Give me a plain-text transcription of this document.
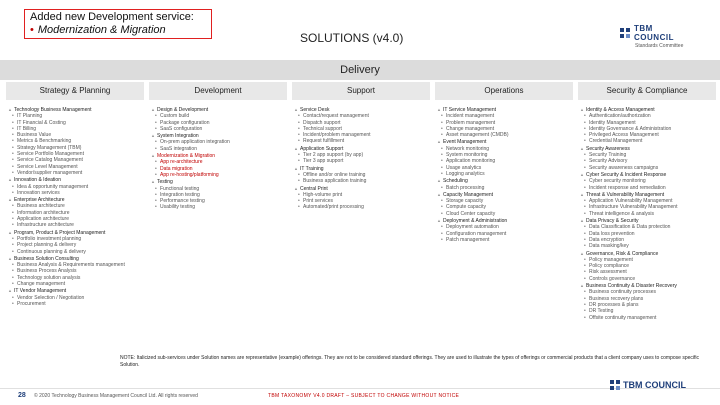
Added new Development service:
• Modernization & Migration
SOLUTIONS (v4.0)
TBM COUNCIL
Standards Committee
Delivery
Strategy & Planning
▲ Technology Business Management
• IT Planning
• IT Financial & Costing
• IT Billing
• Business Value
• Metrics & Benchmarking
• Strategy Management (TBM)
• Service Portfolio Management
• Service Catalog Management
• Service Level Management
• Vendor/supplier management
▲ Innovation & Ideation
• Idea & opportunity management
• Innovation services
▲ Enterprise Architecture
• Business architecture
• Information architecture
• Application architecture
• Infrastructure architecture
▲ Program, Product & Project Management
• Portfolio investment planning
• Project planning & delivery
• Continuous planning & delivery
▲ Business Solution Consulting
• Business Analysis & Requirements management
• Business Process Analysis
• Technology solution analysis
• Change management
▲ IT Vendor Management
• Vendor Selection / Negotiation
• Procurement
Development
▲ Design & Development
• Custom build
• Package configuration
• SaaS configuration
▲ System Integration
• On-prem application integration
• SaaS integration
▲ Modernization & Migration
• App re-architecture
• Data migration
• App re-hosting/platforming
▲ Testing
• Functional testing
• Integration testing
• Performance testing
• Usability testing
Support
▲ Service Desk
• Contact/request management
• Dispatch support
• Technical support
• Incident/problem management
• Request fulfillment
▲ Application Support
• Tier 2 app support (by app)
• Tier 3 app support
▲ IT Training
• Offline and/or online training
• Business application training
▲ Central Print
• High-volume print
• Print services
• Automated/print processing
Operations
▲ IT Service Management
• Incident management
• Problem management
• Change management
• Asset management (CMDB)
▲ Event Management
• Network monitoring
• System monitoring
• Application monitoring
• Usage analytics
• Logging analytics
▲ Scheduling
• Batch processing
▲ Capacity Management
• Storage capacity
• Compute capacity
• Cloud Center capacity
▲ Deployment & Administration
• Deployment automation
• Configuration management
• Patch management
Security & Compliance
▲ Identity & Access Management
• Authentication/authorization
• Identity Management
• Identity Governance & Administration
• Privileged Access Management
• Credential Management
▲ Security Awareness
• Security Training
• Security Advisory
• Security awareness campaigns
▲ Cyber Security & Incident Response
• Cyber security monitoring
• Incident response and remediation
▲ Threat & Vulnerability Management
• Application Vulnerability Management
• Infrastructure Vulnerability Management
• Threat intelligence & analysis
▲ Data Privacy & Security
• Data Classification & Data protection
• Data loss prevention
• Data encryption
• Data masking/key
▲ Governance, Risk & Compliance
• Policy management
• Policy compliance
• Risk assessment
• Controls governance
▲ Business Continuity & Disaster Recovery
• Business continuity processes
• Business recovery plans
• DR processes & plans
• DR Testing
• Offsite continuity management
NOTE: Italicized sub-services under Solution names are representative (example) offerings. They are not to be considered standard offerings. They are used to illustrate the types of offerings or commercial products that a client company uses to compose specific Solution.
28 © 2020 Technology Business Management Council Ltd. All rights reserved	TBM TAXONOMY V4.0 DRAFT – SUBJECT TO CHANGE WITHOUT NOTICE
TBM COUNCIL
